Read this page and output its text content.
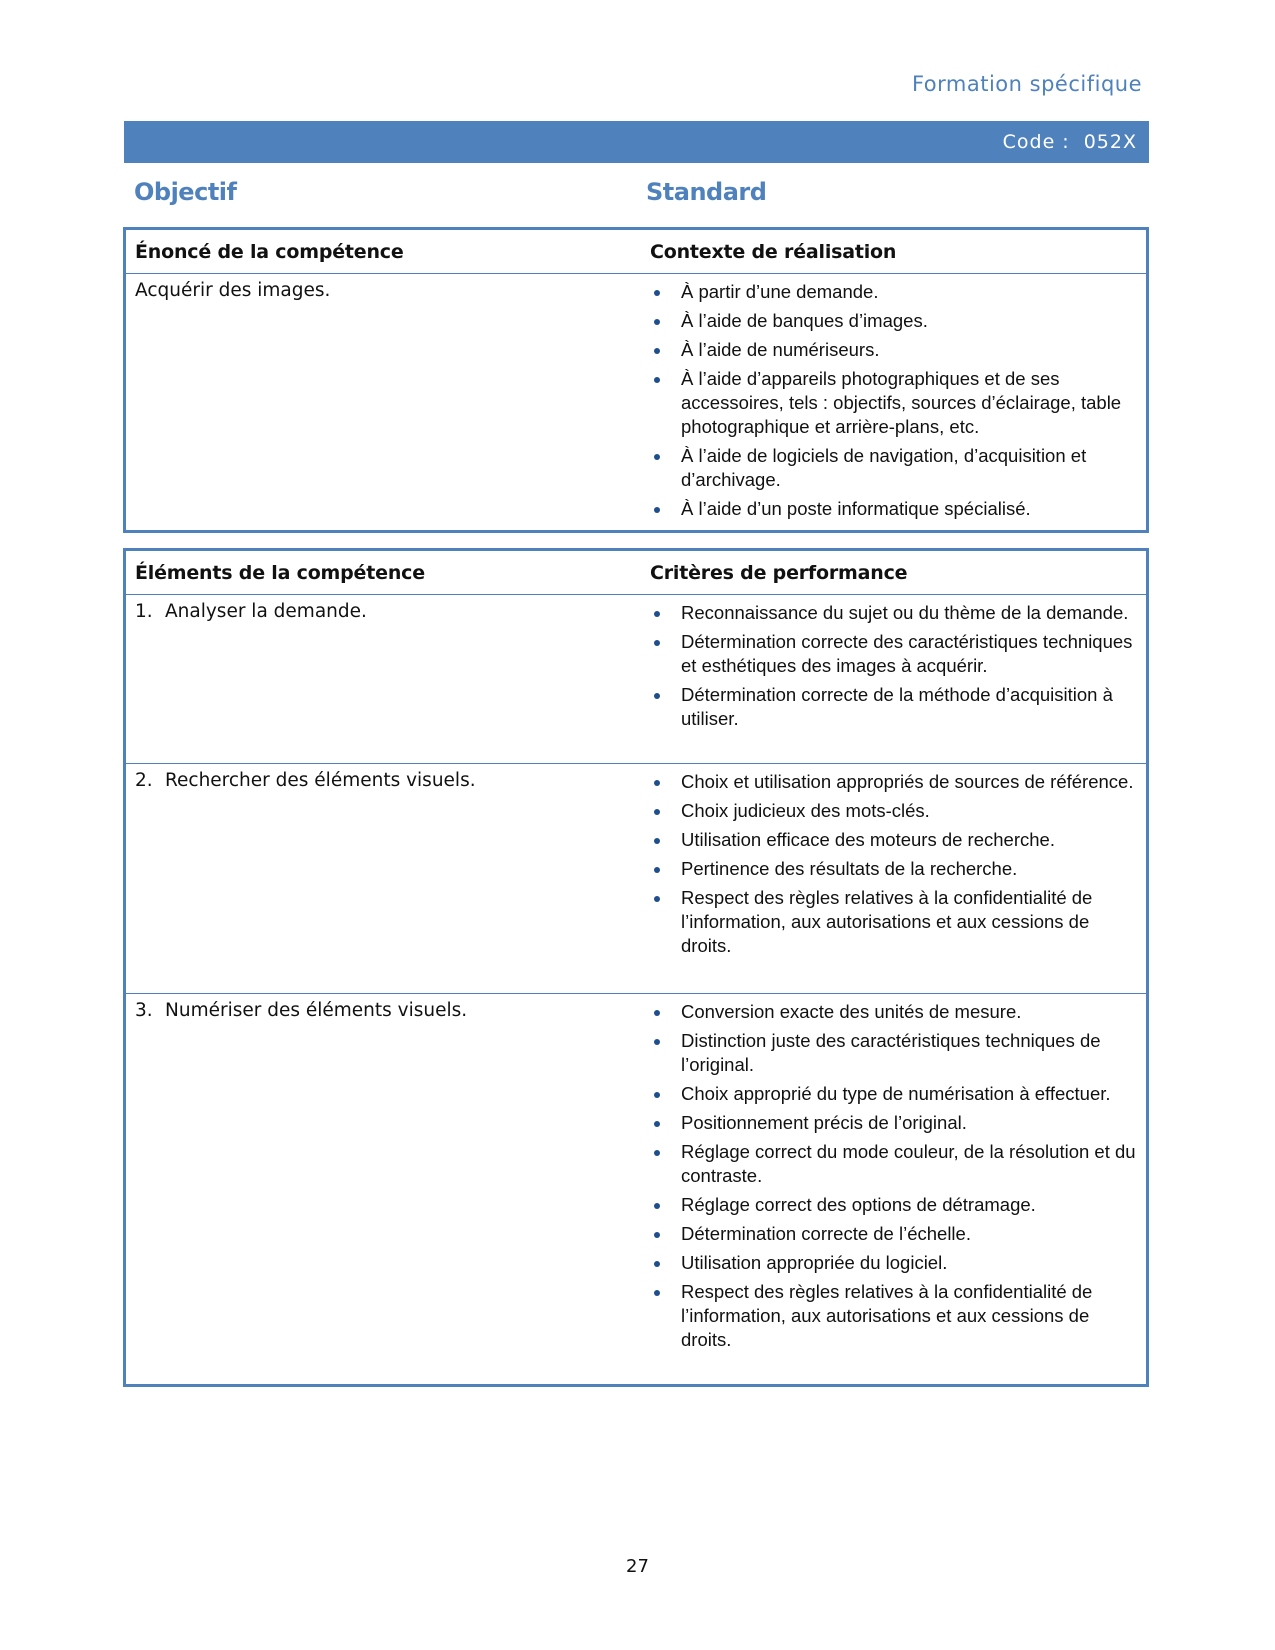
Formation spécifique
Code : 052X
Objectif	Standard
Énoncé de la compétence	Contexte de réalisation
Acquérir des images.	À partir d’une demande.
À l’aide de banques d’images.
À l’aide de numériseurs.
À l’aide d’appareils photographiques et de ses accessoires, tels : objectifs, sources d’éclairage, table photographique et arrière-plans, etc.
À l’aide de logiciels de navigation, d’acquisition et d’archivage.
À l’aide d’un poste informatique spécialisé.
Éléments de la compétence	Critères de performance
1. Analyser la demande.	Reconnaissance du sujet ou du thème de la demande.
Détermination correcte des caractéristiques techniques et esthétiques des images à acquérir.
Détermination correcte de la méthode d’acquisition à utiliser.
2. Rechercher des éléments visuels.	Choix et utilisation appropriés de sources de référence.
Choix judicieux des mots-clés.
Utilisation efficace des moteurs de recherche.
Pertinence des résultats de la recherche.
Respect des règles relatives à la confidentialité de l’information, aux autorisations et aux cessions de droits.
3. Numériser des éléments visuels.	Conversion exacte des unités de mesure.
Distinction juste des caractéristiques techniques de l’original.
Choix approprié du type de numérisation à effectuer.
Positionnement précis de l’original.
Réglage correct du mode couleur, de la résolution et du contraste.
Réglage correct des options de détramage.
Détermination correcte de l’échelle.
Utilisation appropriée du logiciel.
Respect des règles relatives à la confidentialité de l’information, aux autorisations et aux cessions de droits.
27
